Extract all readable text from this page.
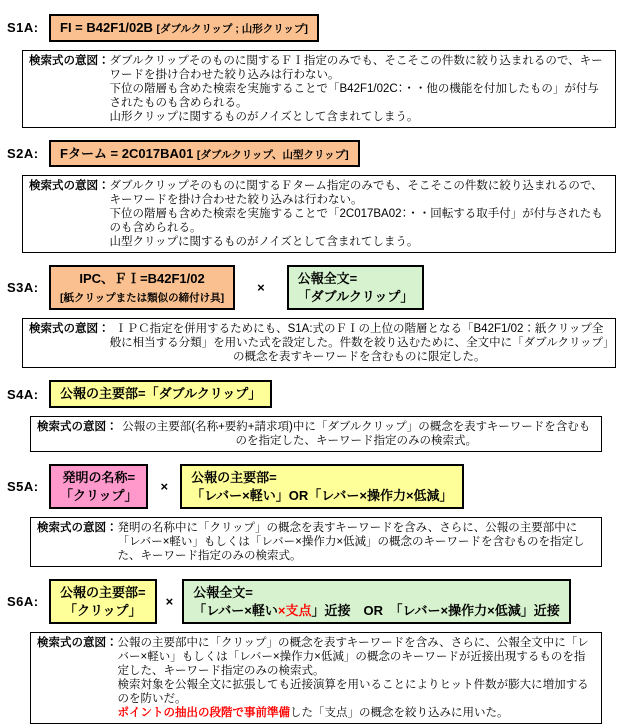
S1A:	FI = B42F1/02B [ダブルクリップ ; 山形クリップ]
検索式の意図： ダブルクリップそのものに関するＦＩ指定のみでも、そこそこの件数に絞り込まれるので、キーワードを掛け合わせた絞り込みは行わない。

下位の階層も含めた検索を実施することで「B42F1/02C：・・他の機能を付加したもの」が付与されたものも含められる。

山形クリップに関するものがノイズとして含まれてしまう。

S2A:	Fターム = 2C017BA01 [ダブルクリップ、山型クリップ]
検索式の意図： ダブルクリップそのものに関するＦターム指定のみでも、そこそこの件数に絞り込まれるので、キーワードを掛け合わせた絞り込みは行わない。

下位の階層も含めた検索を実施することで「2C017BA02：・・回転する取手付」が付与されたものも含められる。

山型クリップに関するものがノイズとして含まれてしまう。

S3A:
IPC、ＦＩ=B42F1/02
[紙クリップまたは類似の締付け具]
×
公報全文=
「ダブルクリップ」
検索式の意図： ＩＰＣ指定を併用するためにも、S1A:式のＦＩの上位の階層となる「B42F1/02：紙クリップ全般に相当する分類」を用いた式を設定した。件数を絞り込むために、全文中に「ダブルクリップ」の概念を表すキーワードを含むものに限定した。

S4A:	公報の主要部=「ダブルクリップ」
検索式の意図： 公報の主要部(名称+要約+請求項)中に「ダブルクリップ」の概念を表すキーワードを含むものを指定した、キーワード指定のみの検索式。

S5A:
発明の名称=
「クリップ」
×
公報の主要部=
「レバー×軽い」OR「レバー×操作力×低減」
検索式の意図： 発明の名称中に「クリップ」の概念を表すキーワードを含み、さらに、公報の主要部中に「レバー×軽い」もしくは「レバー×操作力×低減」の概念のキーワードを含むものを指定した、キーワード指定のみの検索式。

S6A:
公報の主要部=
「クリップ」
×
公報全文=
「レバー×軽い×支点」近接　OR　「レバー×操作力×低減」近接
検索式の意図： 公報の主要部中に「クリップ」の概念を表すキーワードを含み、さらに、公報全文中に「レバー×軽い」もしくは「レバー×操作力×低減」の概念のキーワードが近接出現するものを指定した、キーワード指定のみの検索式。

検索対象を公報全文に拡張しても近接演算を用いることによりヒット件数が膨大に増加するのを防いだ。

ポイントの抽出の段階で事前準備した「支点」の概念を絞り込みに用いた。
